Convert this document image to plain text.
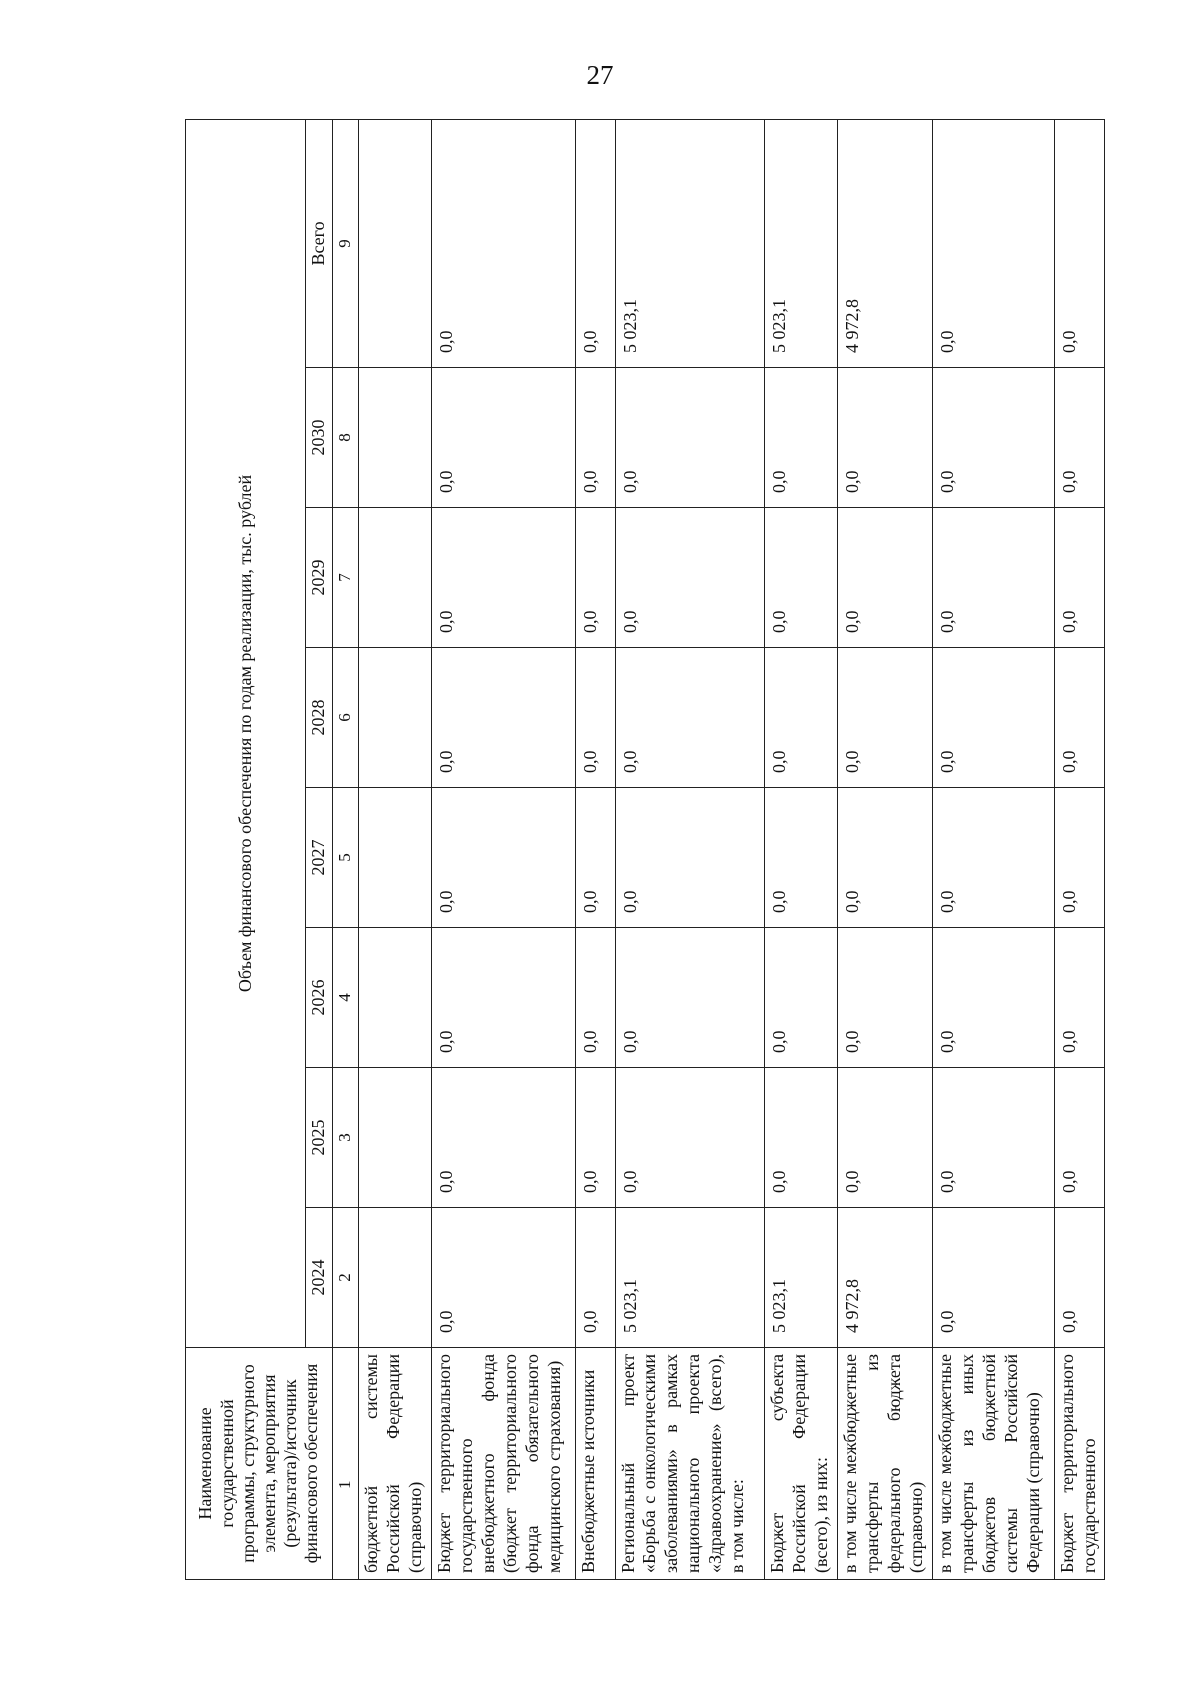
27
Наименование государственной программы, структурного элемента, мероприятия (результата)/источник финансового обеспечения	Объем финансового обеспечения по годам реализации, тыс. рублей							
	2024	2025	2026	2027	2028	2029	2030	Всего
1	2	3	4	5	6	7	8	9
бюджетной системы Российской Федерации (справочно)								
Бюджет территориального государственного внебюджетного фонда (бюджет территориального фонда обязательного медицинского страхования)	0,0	0,0	0,0	0,0	0,0	0,0	0,0	0,0
Внебюджетные источники	0,0	0,0	0,0	0,0	0,0	0,0	0,0	0,0
Региональный проект «Борьба с онкологическими заболеваниями» в рамках национального проекта «Здравоохранение» (всего), в том числе:	5 023,1	0,0	0,0	0,0	0,0	0,0	0,0	5 023,1
Бюджет субъекта Российской Федерации (всего), из них:	5 023,1	0,0	0,0	0,0	0,0	0,0	0,0	5 023,1
в том числе межбюджетные трансферты из федерального бюджета (справочно)	4 972,8	0,0	0,0	0,0	0,0	0,0	0,0	4 972,8
в том числе межбюджетные трансферты из иных бюджетов бюджетной системы Российской Федерации (справочно)	0,0	0,0	0,0	0,0	0,0	0,0	0,0	0,0
Бюджет территориального государственного	0,0	0,0	0,0	0,0	0,0	0,0	0,0	0,0
